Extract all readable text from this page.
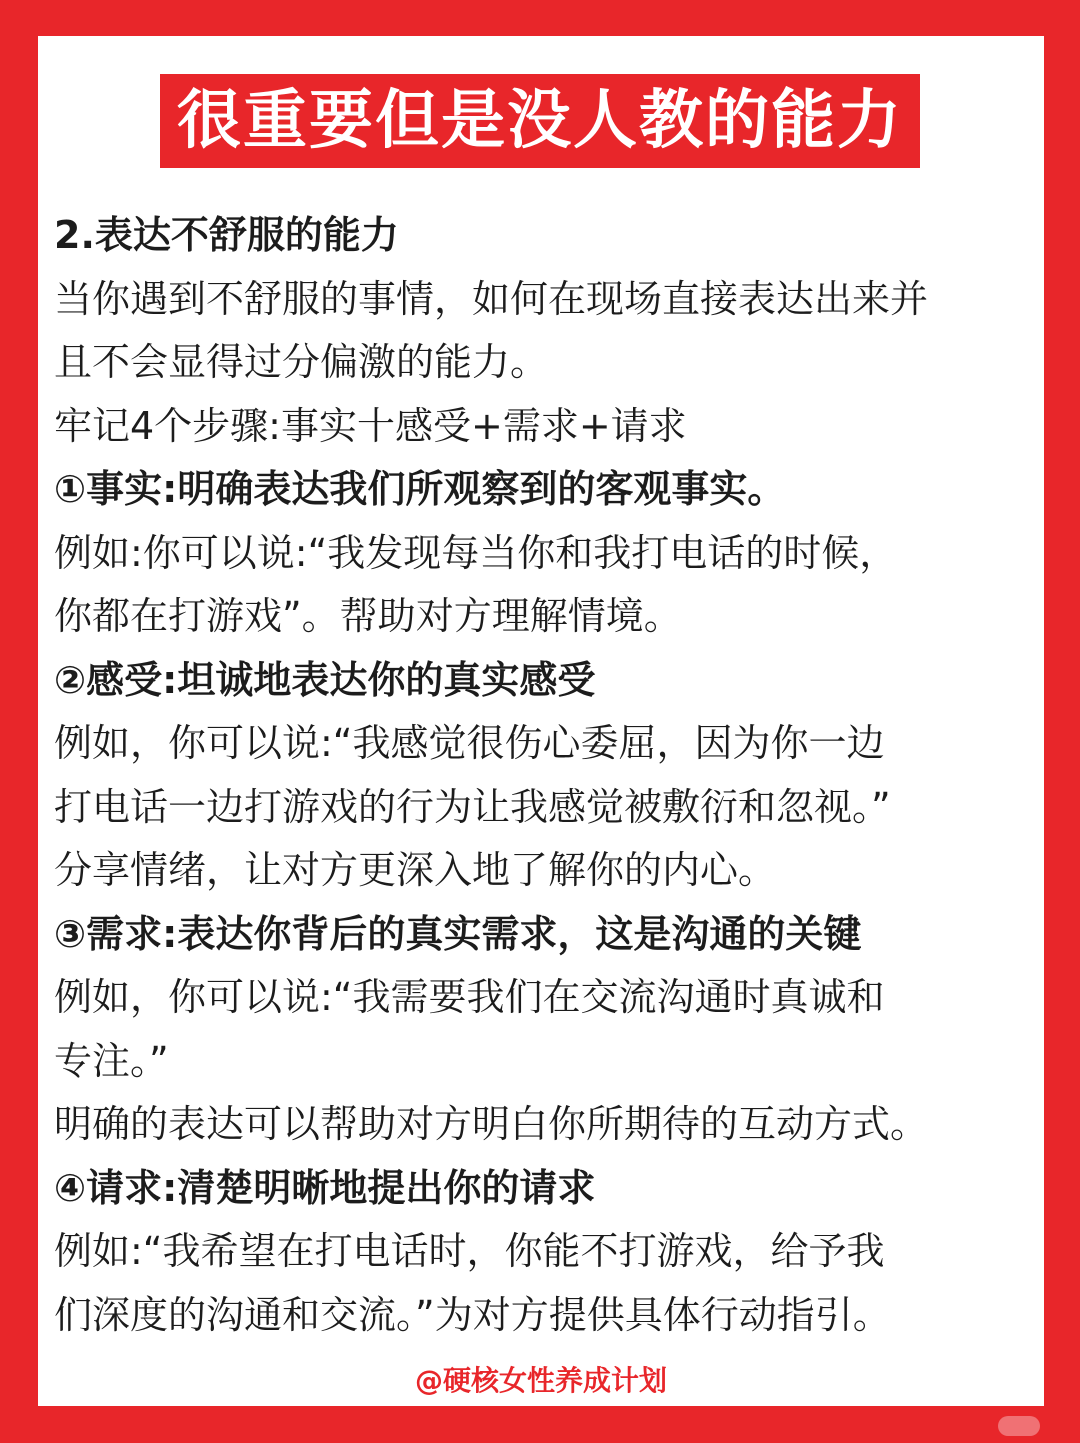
很重要但是没人教的能力
2.表达不舒服的能力
当你遇到不舒服的事情，如何在现场直接表达出来并
且不会显得过分偏激的能力。
牢记4个步骤:事实十感受+需求+请求
①事实:明确表达我们所观察到的客观事实。
例如:你可以说:“我发现每当你和我打电话的时候，
你都在打游戏”。帮助对方理解情境。
②感受:坦诚地表达你的真实感受
例如，你可以说:“我感觉很伤心委屈，因为你一边
打电话一边打游戏的行为让我感觉被敷衍和忽视。”
分享情绪，让对方更深入地了解你的内心。
③需求:表达你背后的真实需求，这是沟通的关键
例如，你可以说:“我需要我们在交流沟通时真诚和
专注。”
明确的表达可以帮助对方明白你所期待的互动方式。
④请求:清楚明晰地提出你的请求
例如:“我希望在打电话时，你能不打游戏，给予我
们深度的沟通和交流。”为对方提供具体行动指引。
@硬核女性养成计划
